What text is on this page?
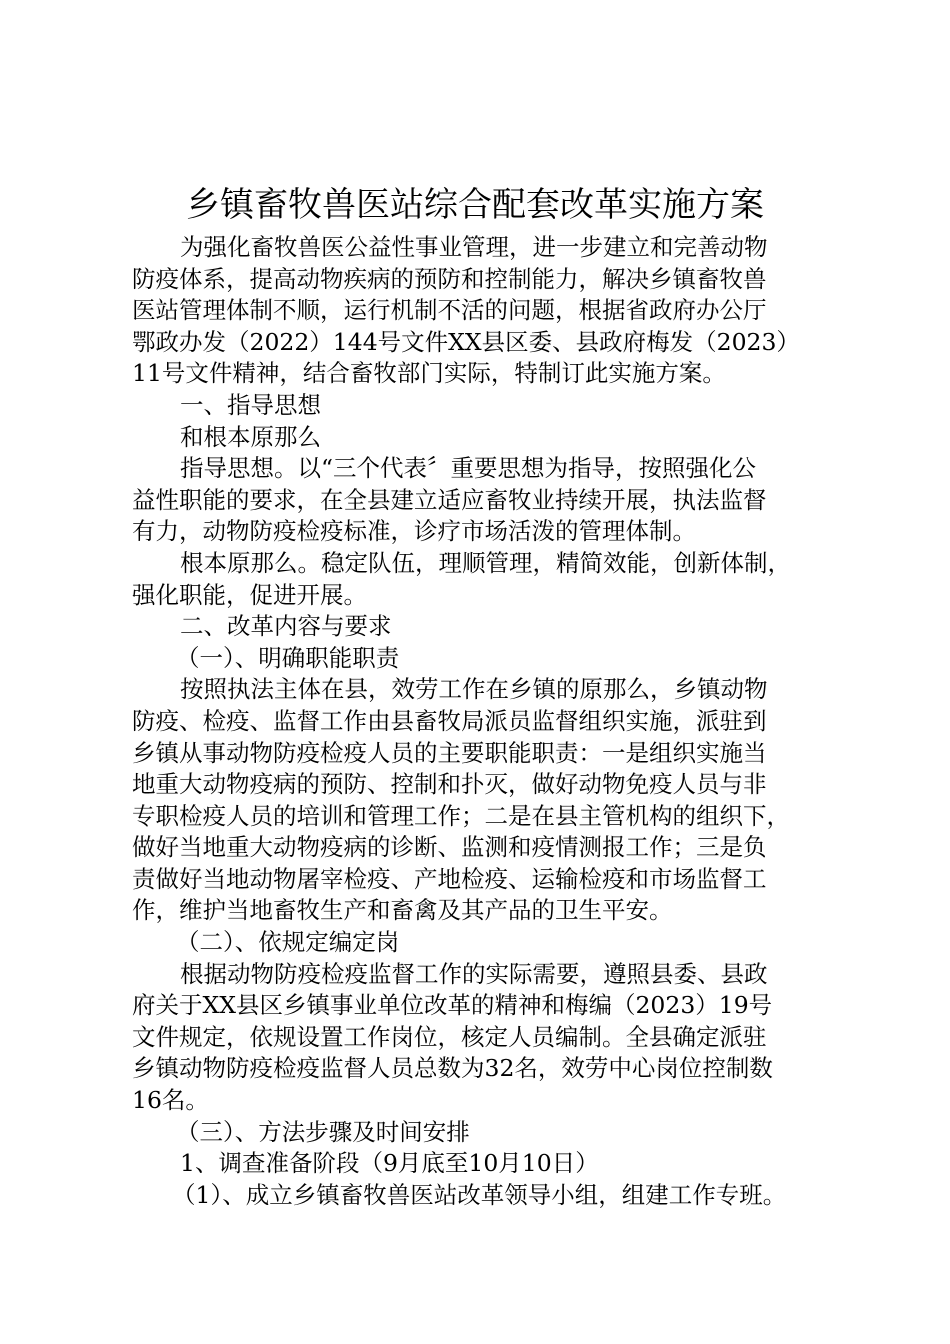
乡镇畜牧兽医站综合配套改革实施方案
为强化畜牧兽医公益性事业管理，进一步建立和完善动物
防疫体系，提高动物疾病的预防和控制能力，解决乡镇畜牧兽
医站管理体制不顺，运行机制不活的问题，根据省政府办公厅
鄂政办发（2022）144号文件XX县区委、县政府梅发（2023）
11号文件精神，结合畜牧部门实际，特制订此实施方案。
一、指导思想
和根本原那么
指导思想。以“三个代表〞重要思想为指导，按照强化公
益性职能的要求，在全县建立适应畜牧业持续开展，执法监督
有力，动物防疫检疫标准，诊疗市场活泼的管理体制。
根本原那么。稳定队伍，理顺管理，精简效能，创新体制，
强化职能，促进开展。
二、改革内容与要求
（一）、明确职能职责
按照执法主体在县，效劳工作在乡镇的原那么，乡镇动物
防疫、检疫、监督工作由县畜牧局派员监督组织实施，派驻到
乡镇从事动物防疫检疫人员的主要职能职责：一是组织实施当
地重大动物疫病的预防、控制和扑灭，做好动物免疫人员与非
专职检疫人员的培训和管理工作；二是在县主管机构的组织下，
做好当地重大动物疫病的诊断、监测和疫情测报工作；三是负
责做好当地动物屠宰检疫、产地检疫、运输检疫和市场监督工
作，维护当地畜牧生产和畜禽及其产品的卫生平安。
（二）、依规定编定岗
根据动物防疫检疫监督工作的实际需要，遵照县委、县政
府关于XX县区乡镇事业单位改革的精神和梅编（2023）19号
文件规定，依规设置工作岗位，核定人员编制。全县确定派驻
乡镇动物防疫检疫监督人员总数为32名，效劳中心岗位控制数
16名。
（三）、方法步骤及时间安排
1、调查准备阶段（9月底至10月10日）
（1）、成立乡镇畜牧兽医站改革领导小组，组建工作专班。
